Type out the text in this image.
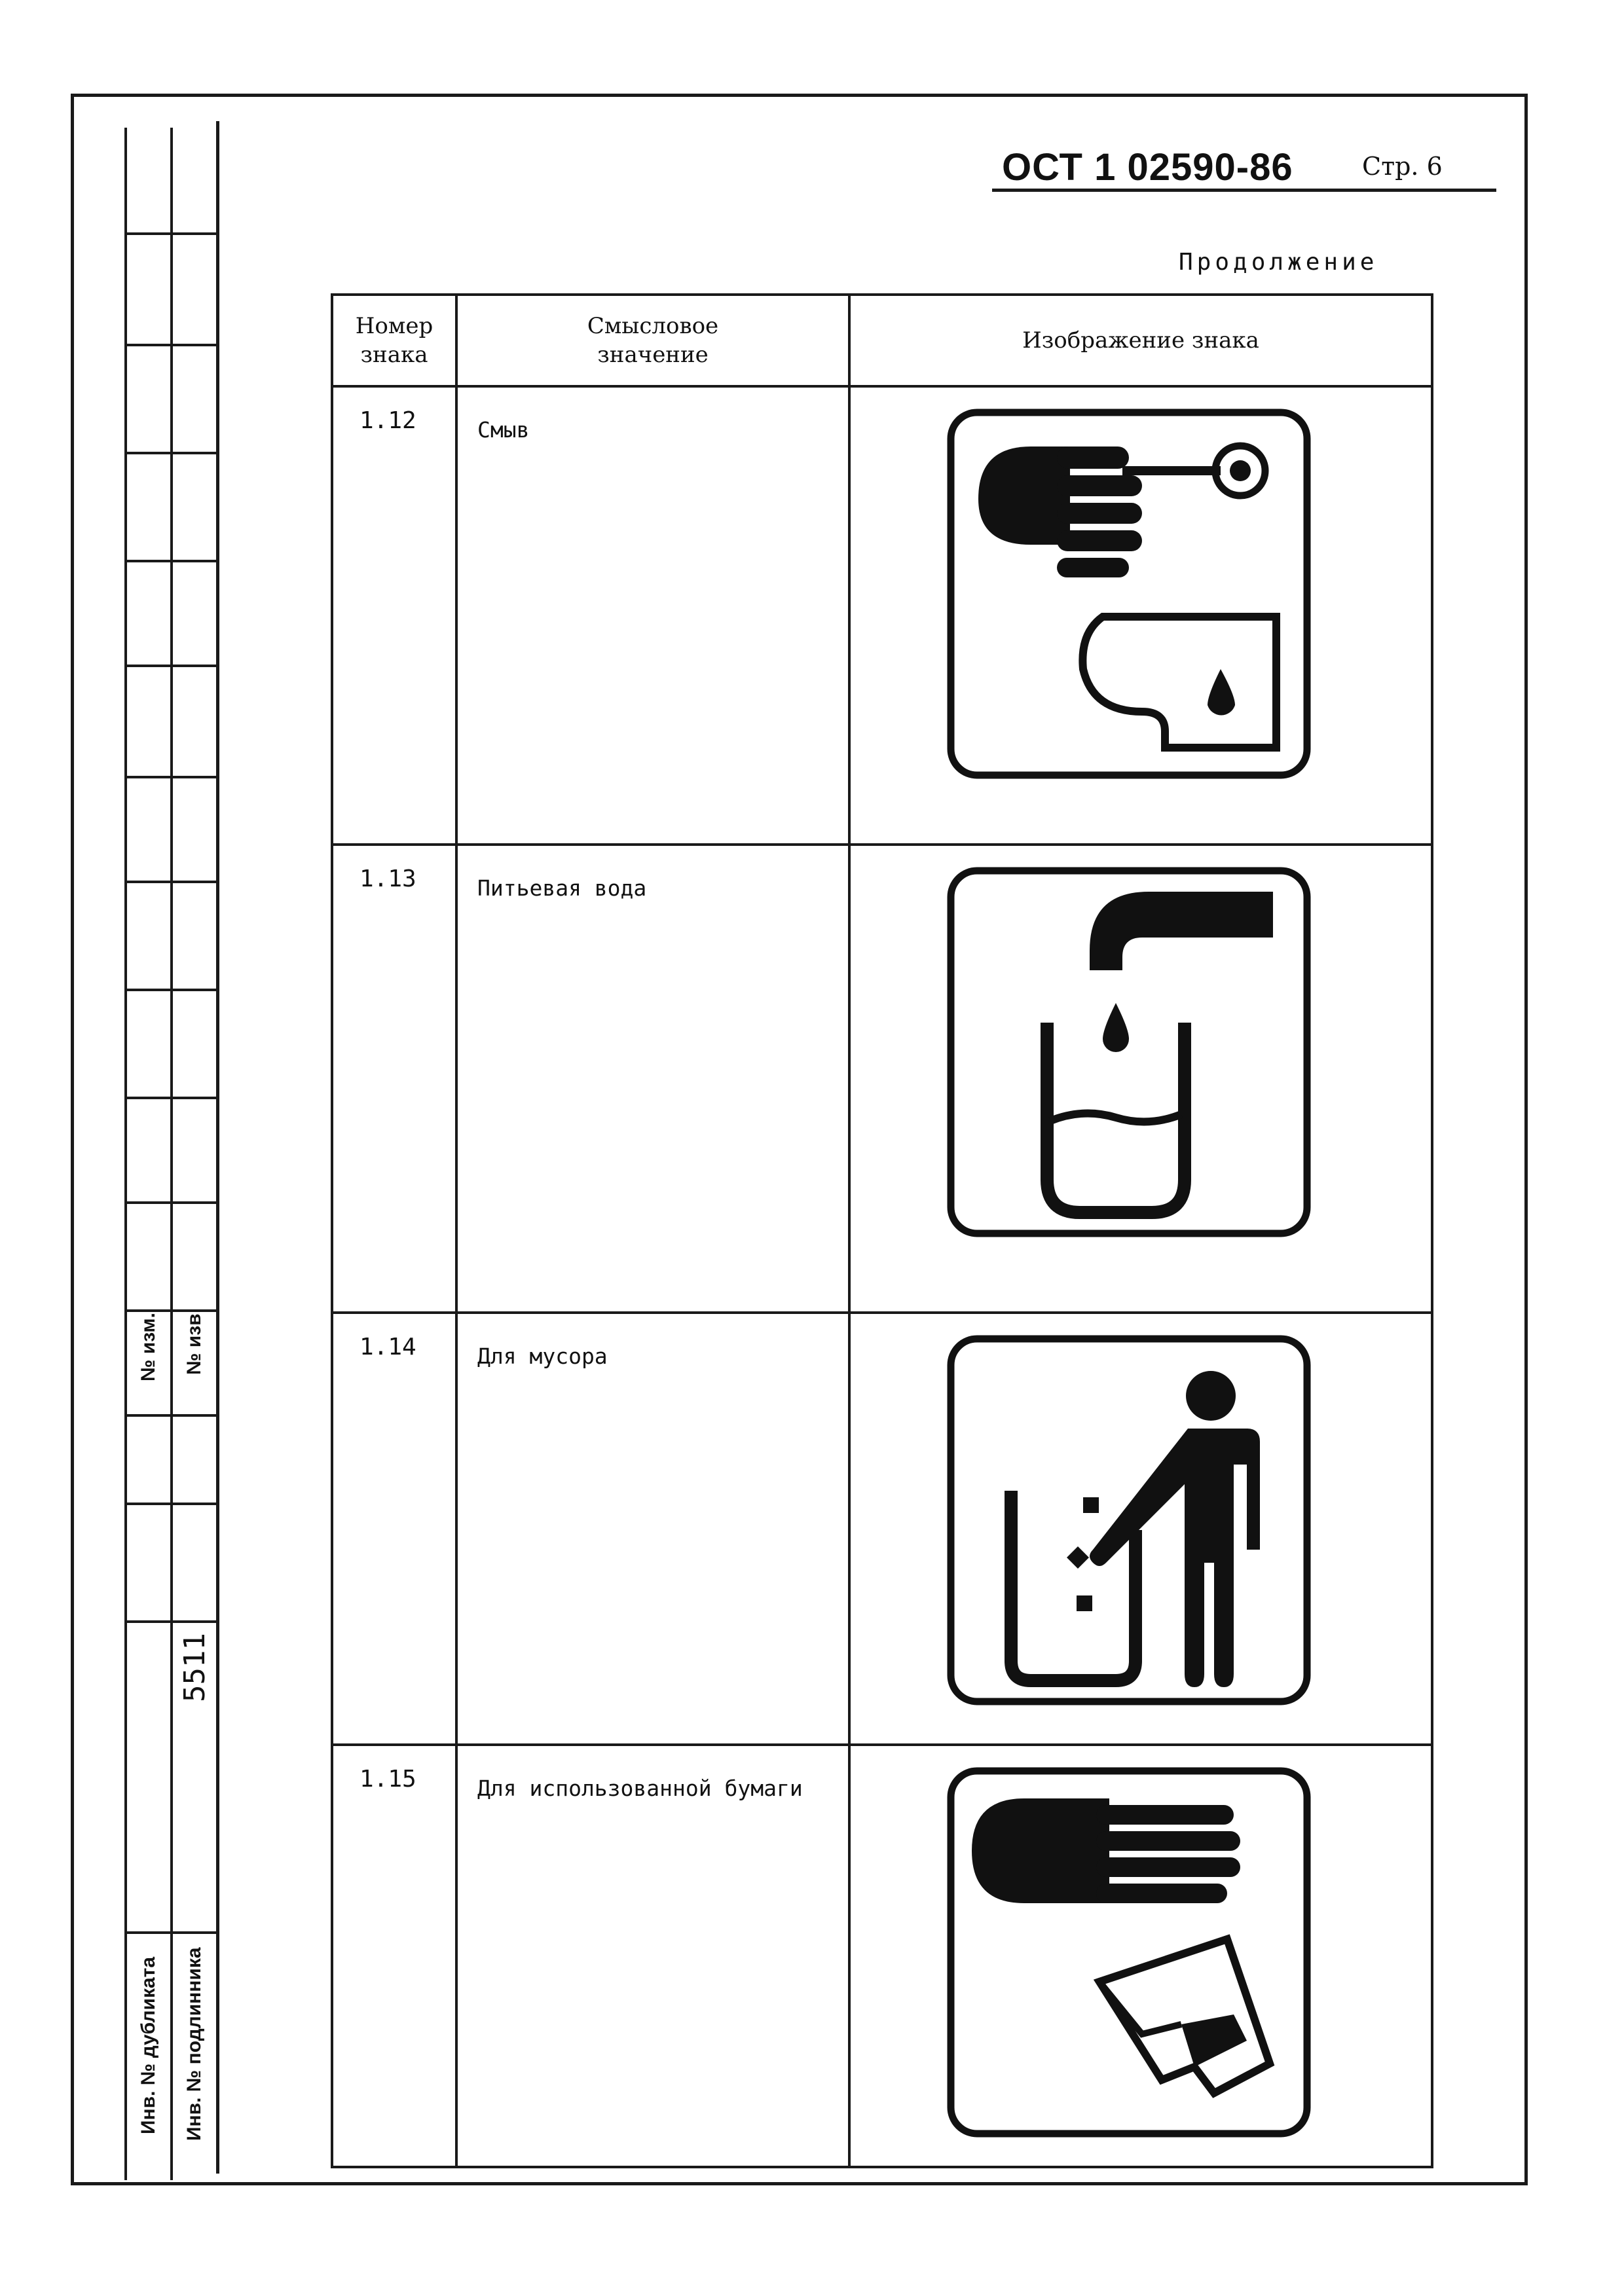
№ изм. № изв
5511
Инв. № дубликата Инв. № подлинника
ОСТ 1 02590-86	Стр. 6
Продолжение
Номер знака	Смысловое значение	Изображение знака
1.12	Смыв	

1.13	Питьевая вода	

1.14	Для мусора	

1.15	Для использованной бумаги	
